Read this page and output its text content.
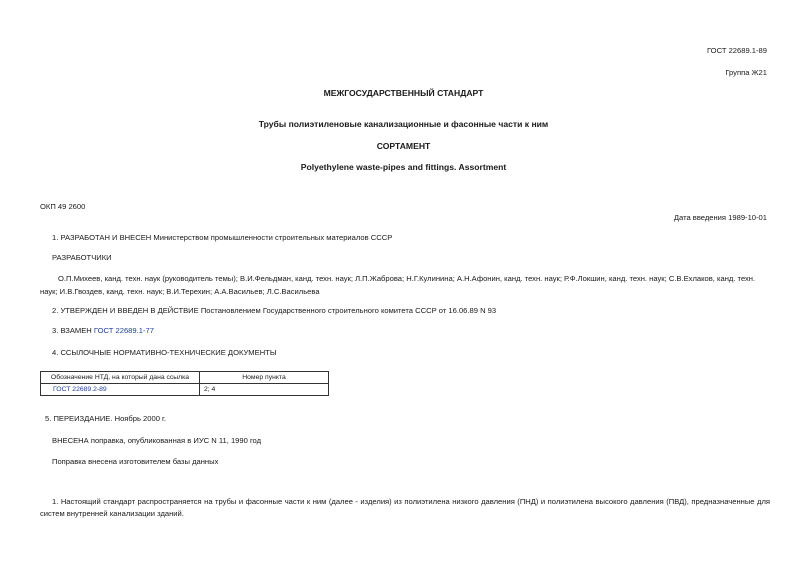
ГОСТ 22689.1-89
Группа Ж21
МЕЖГОСУДАРСТВЕННЫЙ СТАНДАРТ
Трубы полиэтиленовые канализационные и фасонные части к ним
СОРТАМЕНТ
Polyethylene waste-pipes and fittings. Assortment
ОКП 49 2600
Дата введения 1989-10-01
1. РАЗРАБОТАН И ВНЕСЕН Министерством промышленности строительных материалов СССР
РАЗРАБОТЧИКИ
О.П.Михеев, канд. техн. наук (руководитель темы); В.И.Фельдман, канд. техн. наук; Л.П.Жаброва; Н.Г.Кулинина; А.Н.Афонин, канд. техн. наук; Р.Ф.Локшин, канд. техн. наук; С.В.Ехлаков, канд. техн. наук; И.В.Гвоздев, канд. техн. наук; В.И.Терехин; А.А.Васильев; Л.С.Васильева
2. УТВЕРЖДЕН И ВВЕДЕН В ДЕЙСТВИЕ Постановлением Государственного строительного комитета СССР от 16.06.89 N 93
3. ВЗАМЕН ГОСТ 22689.1-77
4. ССЫЛОЧНЫЕ НОРМАТИВНО-ТЕХНИЧЕСКИЕ ДОКУМЕНТЫ
Обозначение НТД, на который дана ссылка	Номер пункта
ГОСТ 22689.2-89	2; 4
5. ПЕРЕИЗДАНИЕ. Ноябрь 2000 г.
ВНЕСЕНА поправка, опубликованная в ИУС N 11, 1990 год
Поправка внесена изготовителем базы данных
1. Настоящий стандарт распространяется на трубы и фасонные части к ним (далее - изделия) из полиэтилена низкого давления (ПНД) и полиэтилена высокого давления (ПВД), предназначенные для систем внутренней канализации зданий.
